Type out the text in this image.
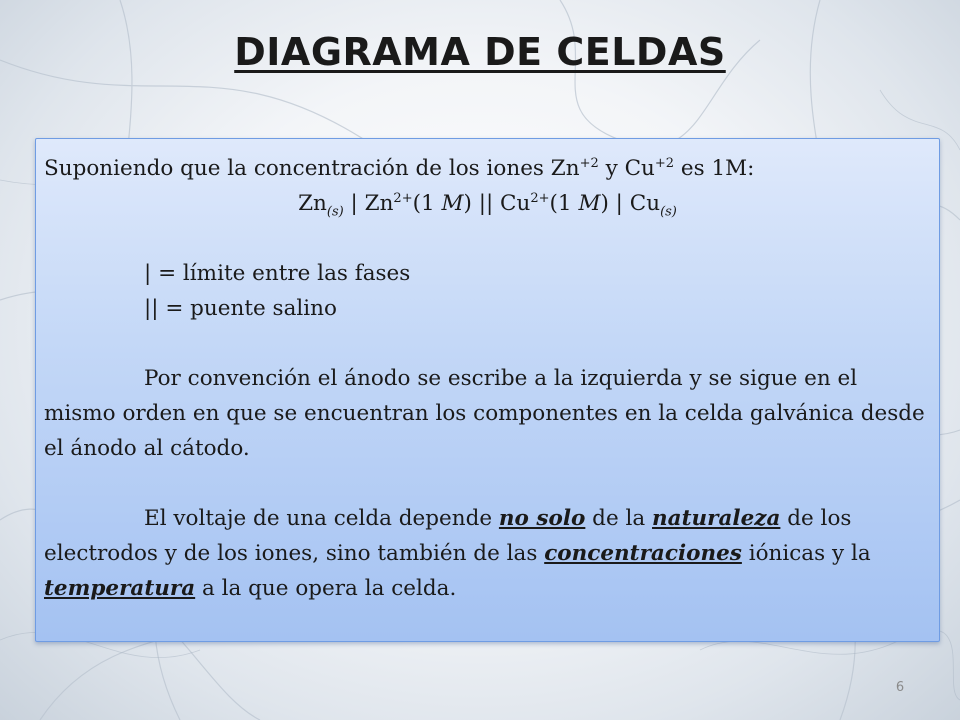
DIAGRAMA DE CELDAS

Suponiendo que la concentración de los iones $Zn^{+2}$ y $Cu^{+2}$ es 1M:

$Zn_{(s)}$ | $Zn^{2+}(1$ M) || $Cu^{2+}(1$ M) | $Cu_{(s)}$

| = límite entre las fases

|| = puente salino

Por convención el ánodo se escribe a la izquierda y se sigue en el mismo orden en que se encuentran los componentes en la celda galvánica desde el ánodo al cátodo.

El voltaje de una celda depende no solo de la naturaleza de los electrodos y de los iones, sino también de las concentraciones iónicas y la temperatura a la que opera la celda.

6
